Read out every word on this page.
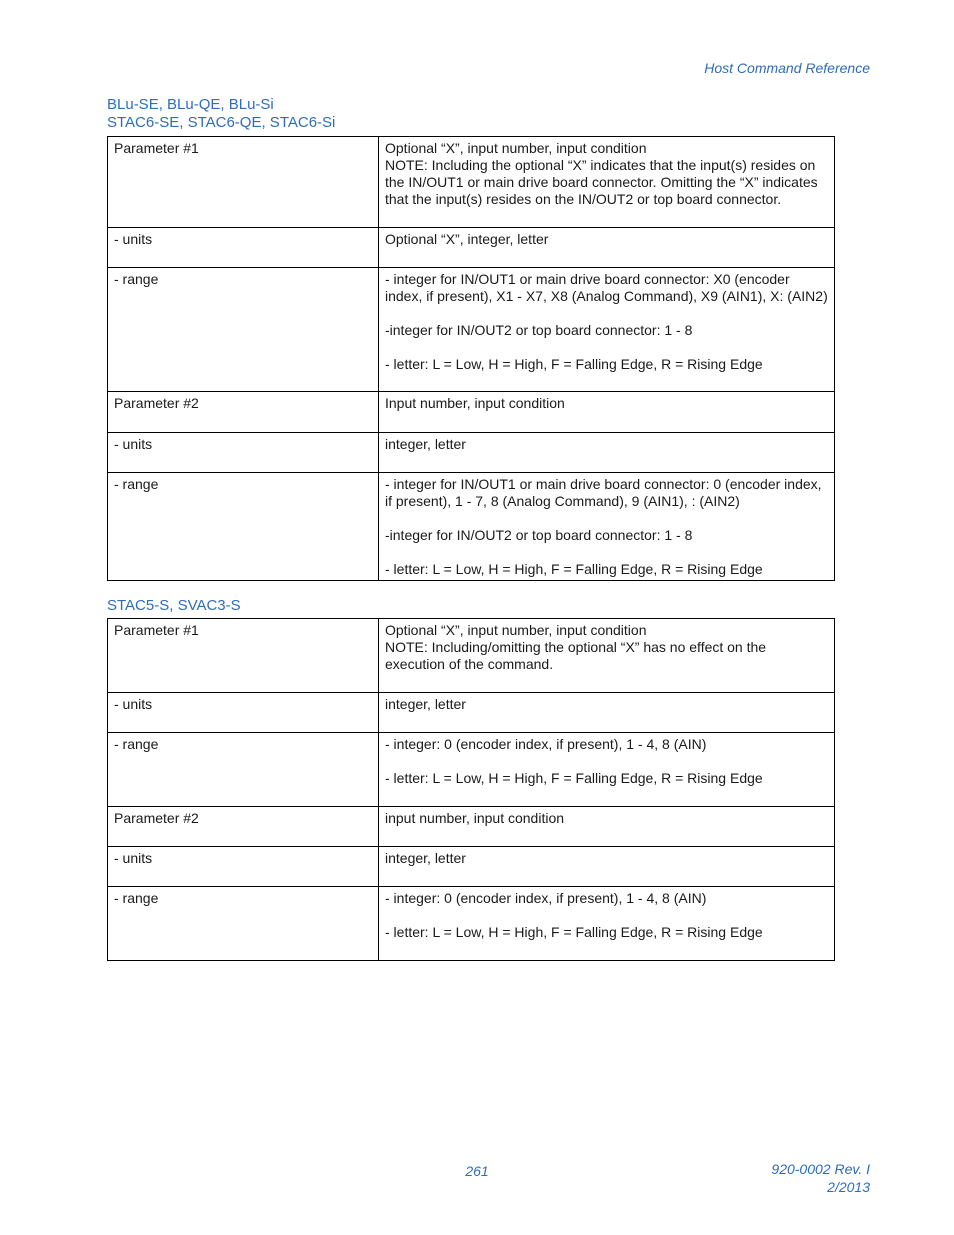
Host Command Reference
BLu-SE, BLu-QE, BLu-Si
STAC6-SE, STAC6-QE, STAC6-Si
Parameter #1	Optional “X”, input number, input condition
NOTE: Including the optional “X” indicates that the input(s) resides on the IN/OUT1 or main drive board connector. Omitting the “X” indicates that the input(s) resides on the IN/OUT2 or top board connector.

- units	Optional “X”, integer, letter
- range	- integer for IN/OUT1 or main drive board connector: X0 (encoder index, if present), X1 - X7, X8 (Analog Command), X9 (AIN1), X: (AIN2)
-integer for IN/OUT2 or top board connector: 1 - 8
- letter: L = Low, H = High, F = Falling Edge, R = Rising Edge

Parameter #2	Input number, input condition
- units	integer, letter
- range	- integer for IN/OUT1 or main drive board connector: 0 (encoder index, if present), 1 - 7, 8 (Analog Command), 9 (AIN1), : (AIN2)
-integer for IN/OUT2 or top board connector: 1 - 8
- letter: L = Low, H = High, F = Falling Edge, R = Rising Edge
STAC5-S, SVAC3-S
Parameter #1	Optional “X”, input number, input condition
NOTE: Including/omitting the optional “X” has no effect on the execution of the command.

- units	integer, letter
- range	- integer: 0 (encoder index, if present), 1 - 4, 8 (AIN)
- letter: L = Low, H = High, F = Falling Edge, R = Rising Edge

Parameter #2	input number, input condition
- units	integer, letter
- range	- integer: 0 (encoder index, if present), 1 - 4, 8 (AIN)
- letter: L = Low, H = High, F = Falling Edge, R = Rising Edge
261	920-0002 Rev. I
2/2013
